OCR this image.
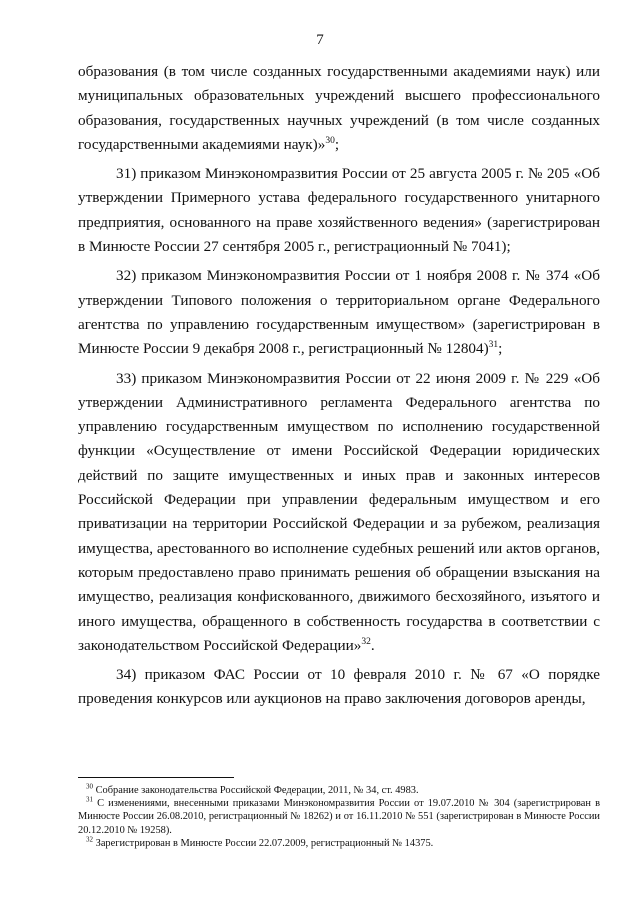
7

образования (в том числе созданных государственными академиями наук) или муниципальных образовательных учреждений высшего профессионального образования, государственных научных учреждений (в том числе созданных государственными академиями наук)»$^{30}$;

31) приказом Минэкономразвития России от 25 августа 2005 г. № 205 «Об утверждении Примерного устава федерального государственного унитарного предприятия, основанного на праве хозяйственного ведения» (зарегистрирован в Минюсте России 27 сентября 2005 г., регистрационный № 7041);

32) приказом Минэкономразвития России от 1 ноября 2008 г. № 374 «Об утверждении Типового положения о территориальном органе Федерального агентства по управлению государственным имуществом» (зарегистрирован в Минюсте России 9 декабря 2008 г., регистрационный № 12804)$^{31}$;

33) приказом Минэкономразвития России от 22 июня 2009 г. № 229 «Об утверждении Административного регламента Федерального агентства по управлению государственным имуществом по исполнению государственной функции «Осуществление от имени Российской Федерации юридических действий по защите имущественных и иных прав и законных интересов Российской Федерации при управлении федеральным имуществом и его приватизации на территории Российской Федерации и за рубежом, реализация имущества, арестованного во исполнение судебных решений или актов органов, которым предоставлено право принимать решения об обращении взыскания на имущество, реализация конфискованного, движимого бесхозяйного, изъятого и иного имущества, обращенного в собственность государства в соответствии с законодательством Российской Федерации»$^{32}$.

34) приказом ФАС России от 10 февраля 2010 г. № 67 «О порядке проведения конкурсов или аукционов на право заключения договоров аренды,

$^{30}$ Собрание законодательства Российской Федерации, 2011, № 34, ст. 4983.

$^{31}$ С изменениями, внесенными приказами Минэкономразвития России от 19.07.2010 № 304 (зарегистрирован в Минюсте России 26.08.2010, регистрационный № 18262) и от 16.11.2010 № 551 (зарегистрирован в Минюсте России 20.12.2010 № 19258).

$^{32}$ Зарегистрирован в Минюсте России 22.07.2009, регистрационный № 14375.
